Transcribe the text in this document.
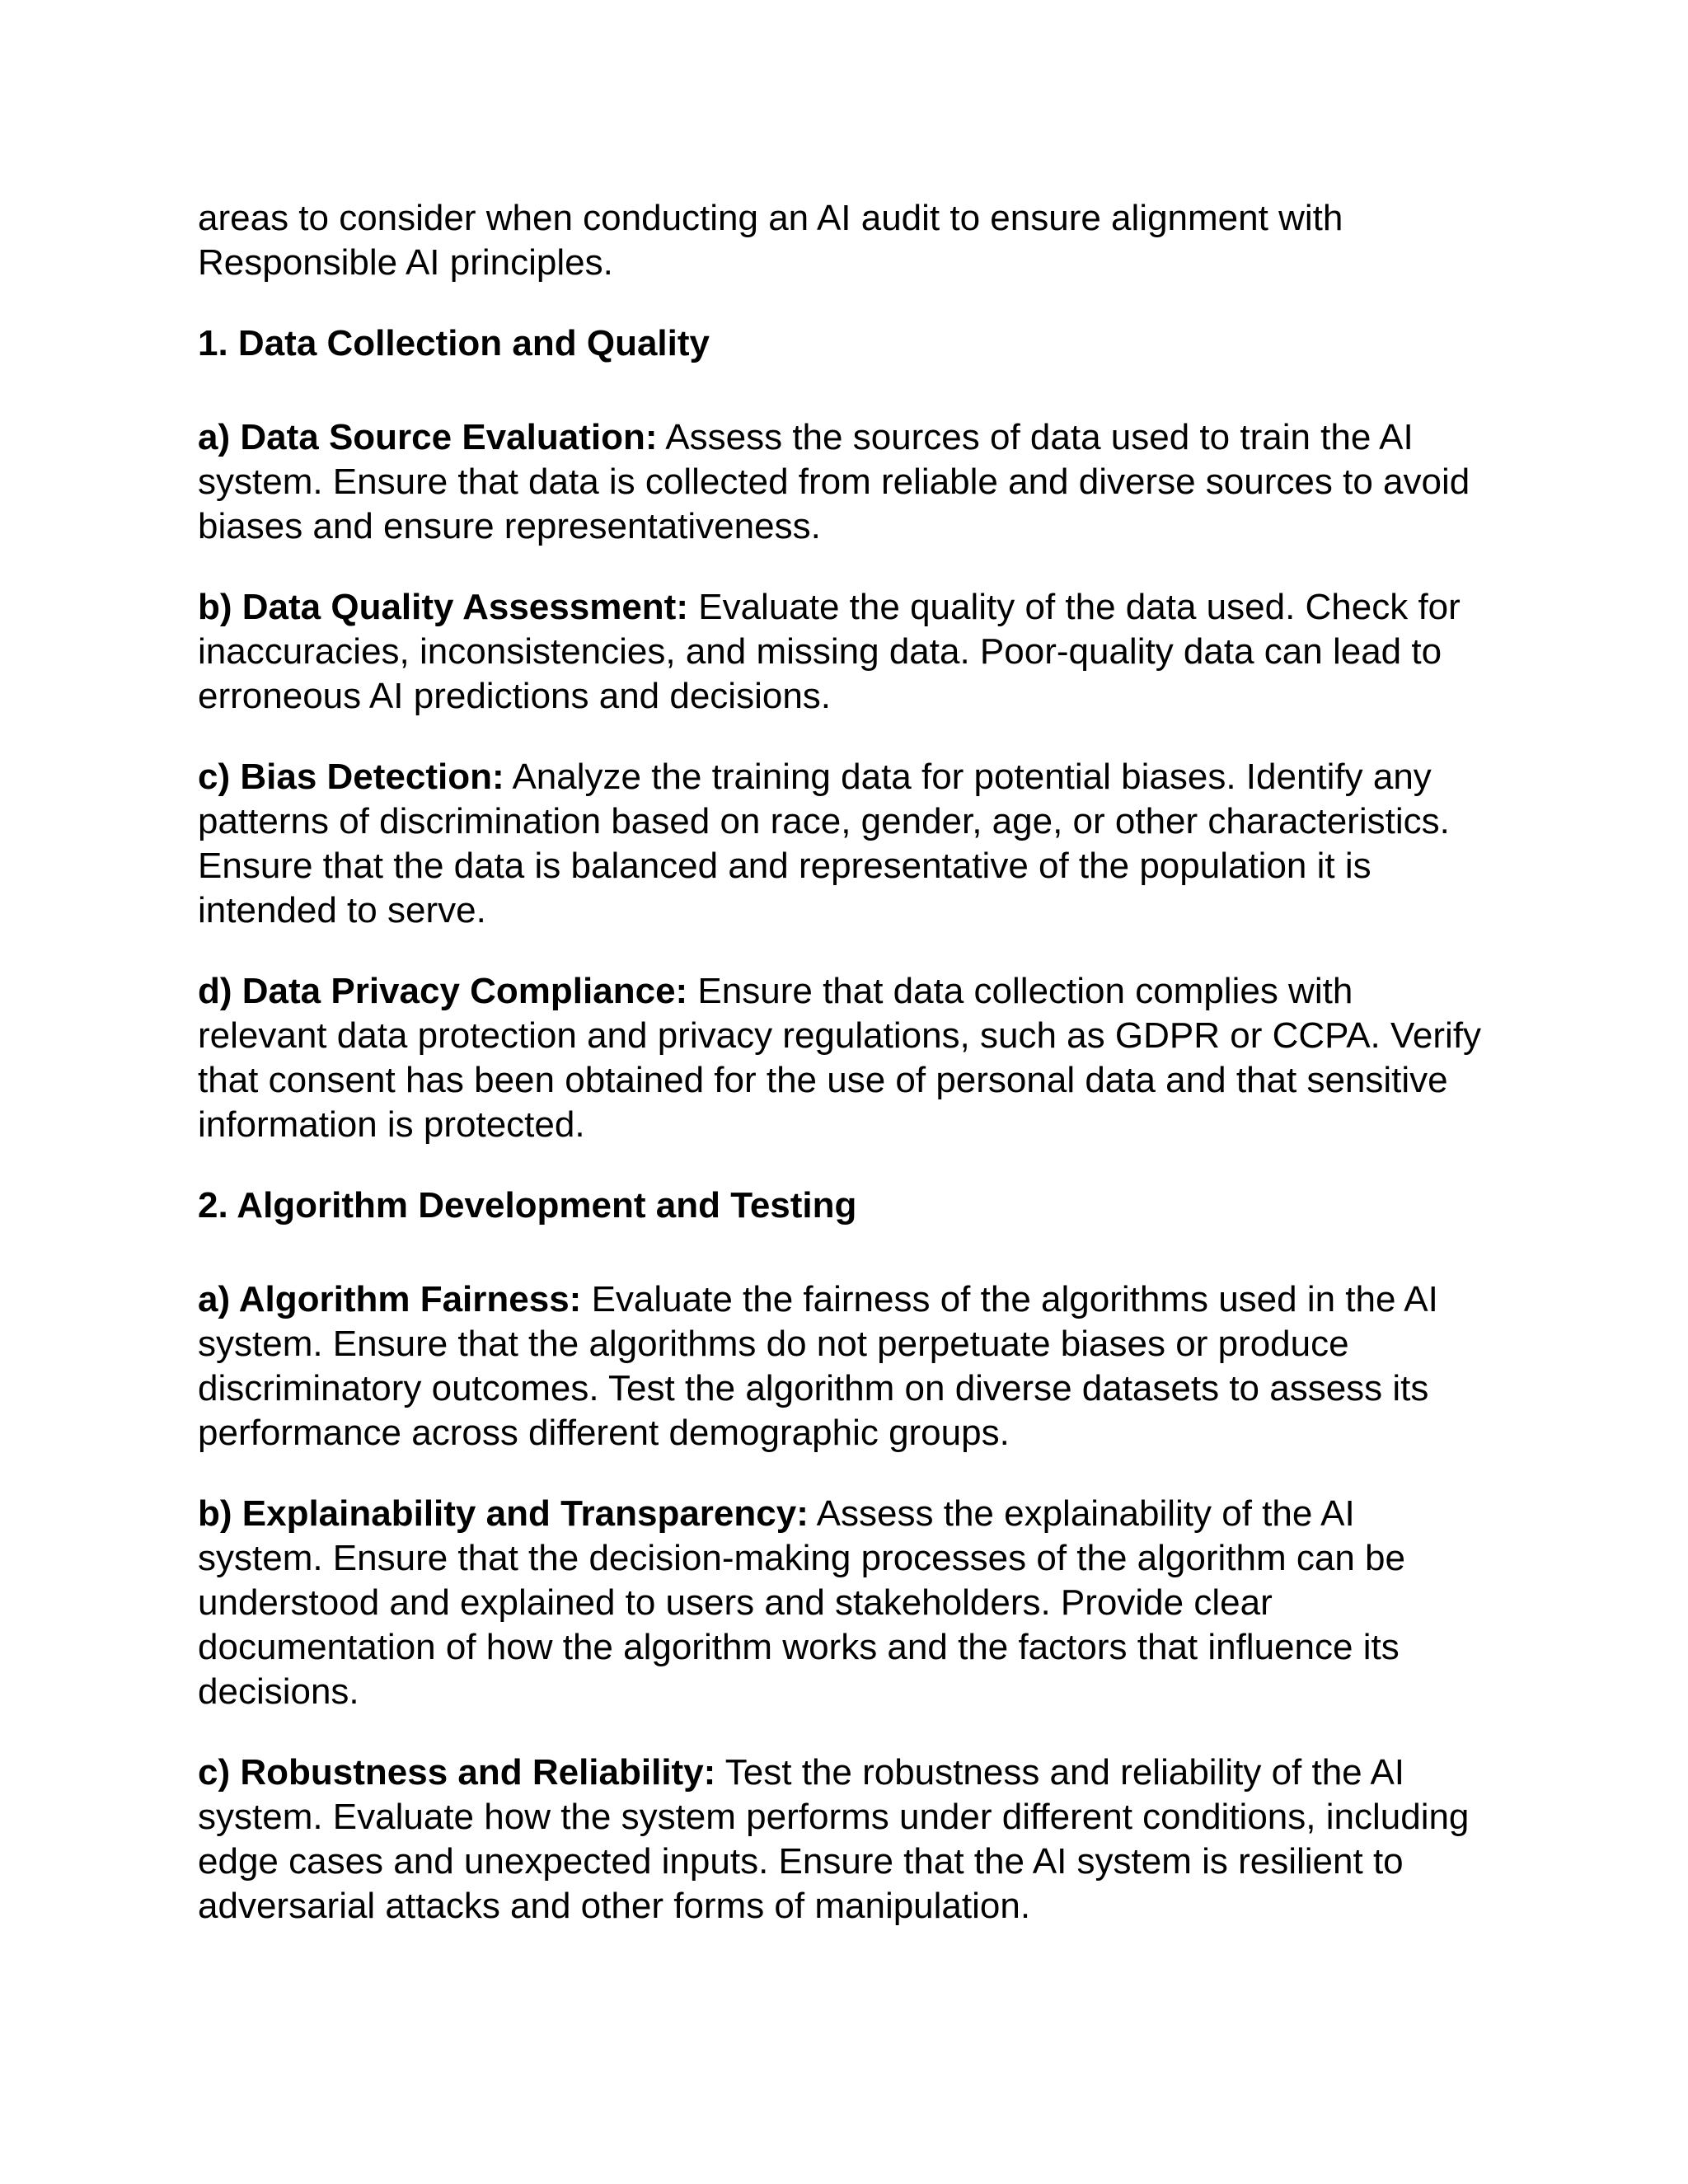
areas to consider when conducting an AI audit to ensure alignment with Responsible AI principles.

1. Data Collection and Quality

a) Data Source Evaluation: Assess the sources of data used to train the AI system. Ensure that data is collected from reliable and diverse sources to avoid biases and ensure representativeness.

b) Data Quality Assessment: Evaluate the quality of the data used. Check for inaccuracies, inconsistencies, and missing data. Poor-quality data can lead to erroneous AI predictions and decisions.

c) Bias Detection: Analyze the training data for potential biases. Identify any patterns of discrimination based on race, gender, age, or other characteristics. Ensure that the data is balanced and representative of the population it is intended to serve.

d) Data Privacy Compliance: Ensure that data collection complies with relevant data protection and privacy regulations, such as GDPR or CCPA. Verify that consent has been obtained for the use of personal data and that sensitive information is protected.

2. Algorithm Development and Testing

a) Algorithm Fairness: Evaluate the fairness of the algorithms used in the AI system. Ensure that the algorithms do not perpetuate biases or produce discriminatory outcomes. Test the algorithm on diverse datasets to assess its performance across different demographic groups.

b) Explainability and Transparency: Assess the explainability of the AI system. Ensure that the decision-making processes of the algorithm can be understood and explained to users and stakeholders. Provide clear documentation of how the algorithm works and the factors that influence its decisions.

c) Robustness and Reliability: Test the robustness and reliability of the AI system. Evaluate how the system performs under different conditions, including edge cases and unexpected inputs. Ensure that the AI system is resilient to adversarial attacks and other forms of manipulation.
